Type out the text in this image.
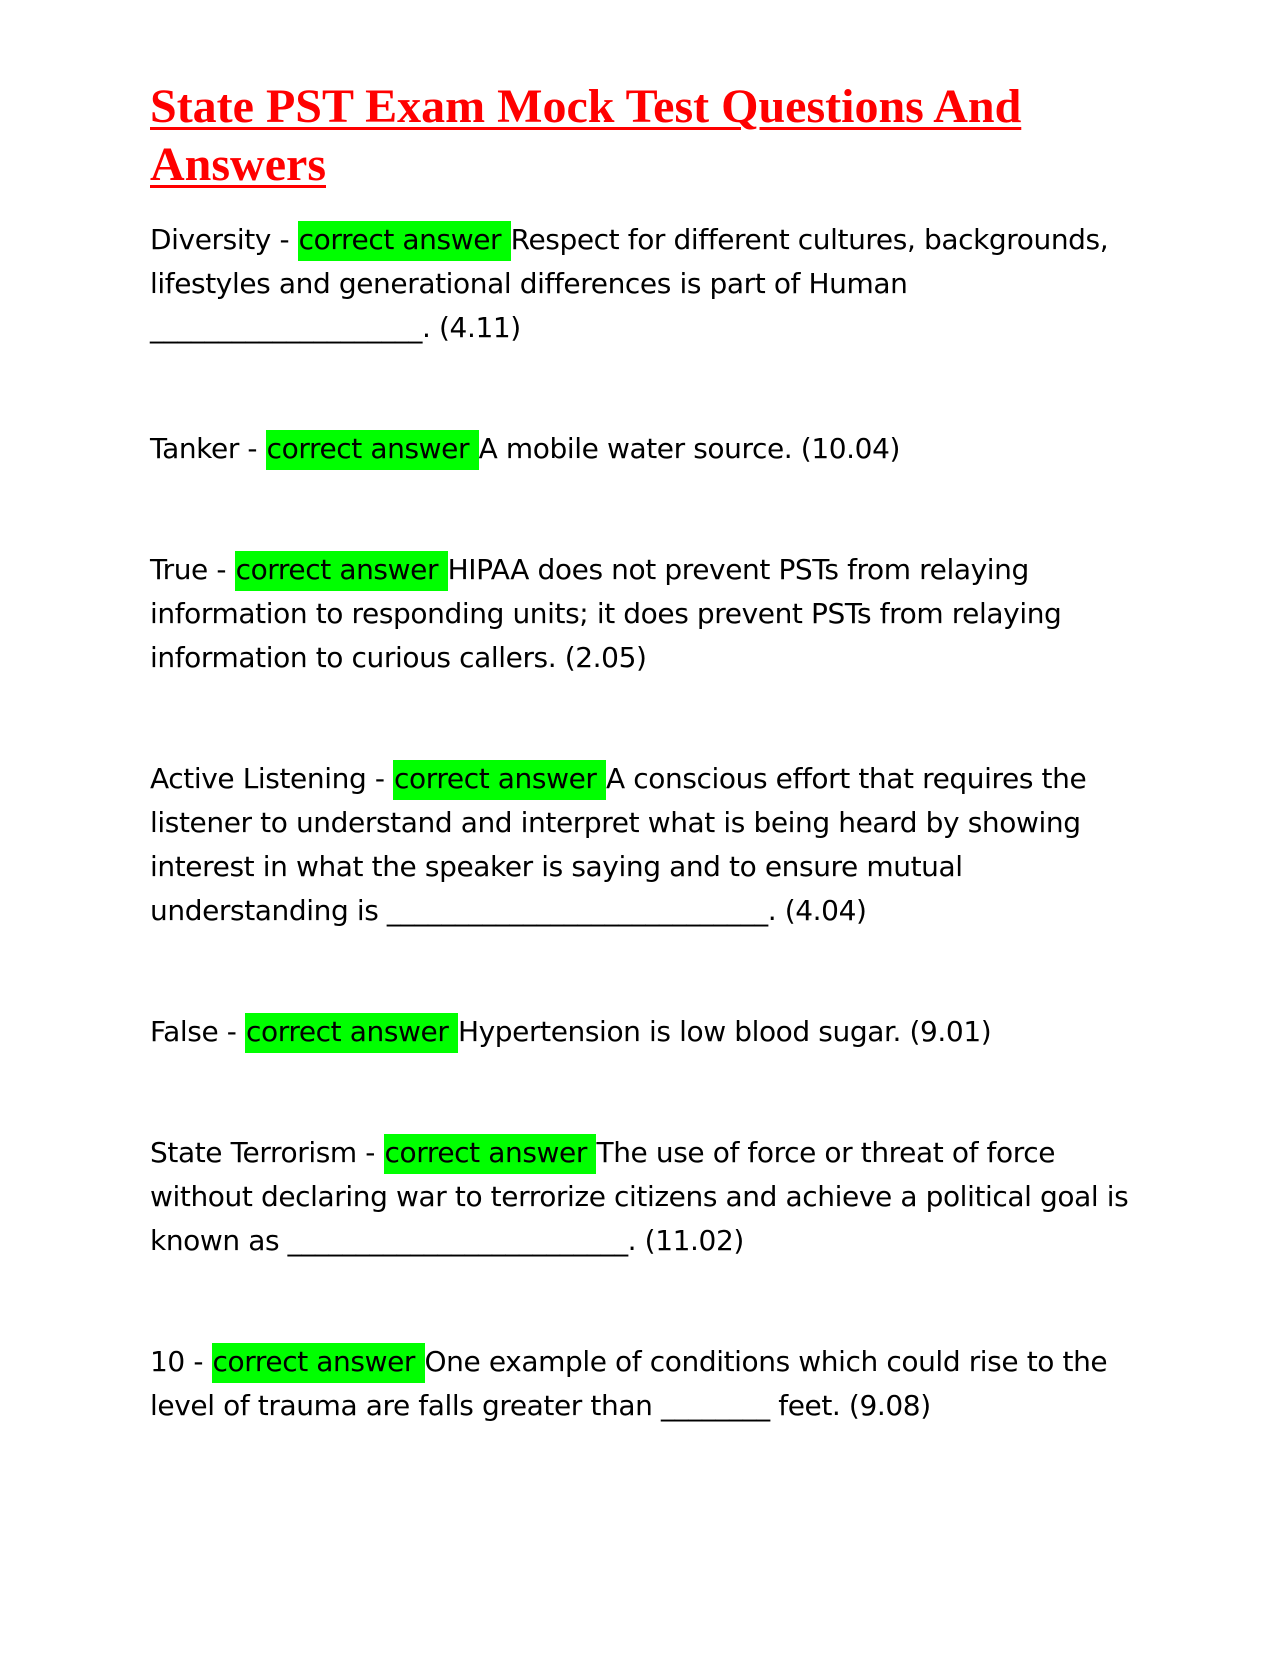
State PST Exam Mock Test Questions And Answers

Diversity - correct answer Respect for different cultures, backgrounds, lifestyles and generational differences is part of Human ____________________. (4.11)

Tanker - correct answer A mobile water source. (10.04)

True - correct answer HIPAA does not prevent PSTs from relaying information to responding units; it does prevent PSTs from relaying information to curious callers. (2.05)

Active Listening - correct answer A conscious effort that requires the listener to understand and interpret what is being heard by showing interest in what the speaker is saying and to ensure mutual understanding is ____________________________. (4.04)

False - correct answer Hypertension is low blood sugar. (9.01)

State Terrorism - correct answer The use of force or threat of force without declaring war to terrorize citizens and achieve a political goal is known as _________________________. (11.02)

10 - correct answer One example of conditions which could rise to the level of trauma are falls greater than ________ feet. (9.08)
